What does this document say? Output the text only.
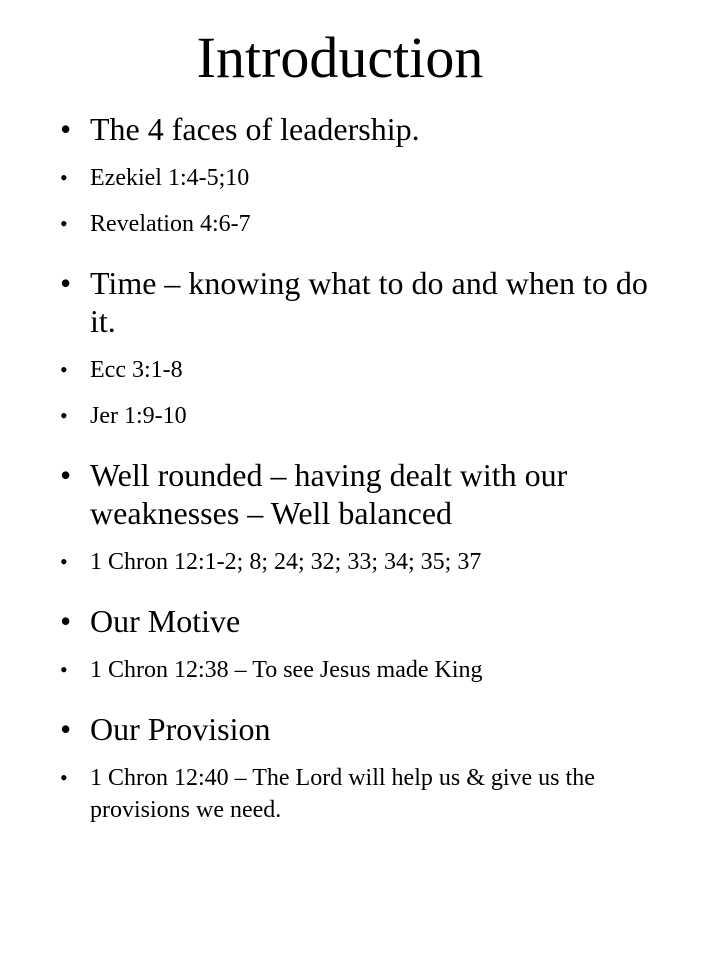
Introduction
• The 4 faces of leadership.
• Ezekiel 1:4-5;10
• Revelation 4:6-7
• Time – knowing what to do and when to do it.
• Ecc 3:1-8
• Jer 1:9-10
• Well rounded – having dealt with our weaknesses – Well balanced
• 1 Chron 12:1-2; 8; 24; 32; 33; 34; 35; 37
• Our Motive
• 1 Chron 12:38 – To see Jesus made King
• Our Provision
• 1 Chron 12:40 – The Lord will help us & give us the provisions we need.
